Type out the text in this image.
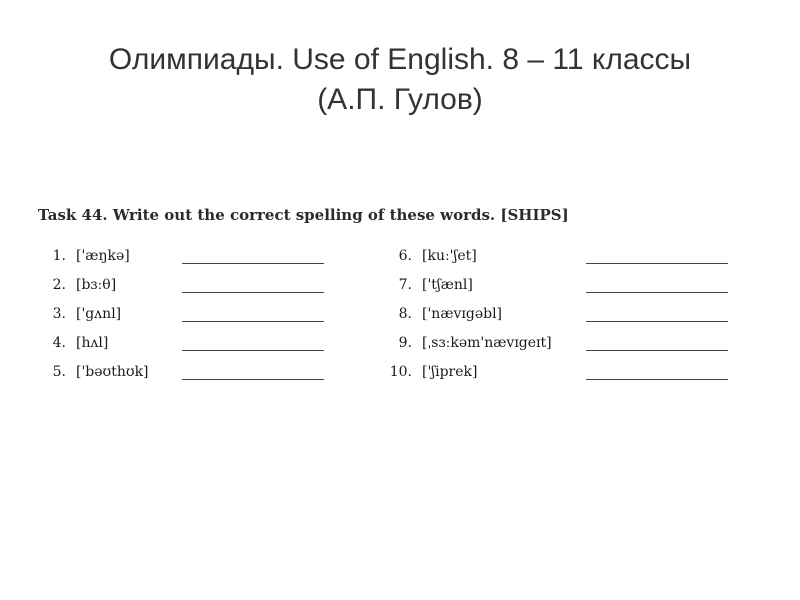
Олимпиады. Use of English. 8 – 11 классы
(А.П. Гулов)
Task 44. Write out the correct spelling of these words. [SHIPS]
1. ['æŋkə]
2. [bɜːθ]
3. ['gʌnl]
4. [hʌl]
5. ['bəʊthʊk]
6. [kuː'ʃet]
7. ['tʃænl]
8. ['nævɪgəbl]
9. [ˌsɜːkəm'nævɪgeɪt]
10. ['ʃiprek]
